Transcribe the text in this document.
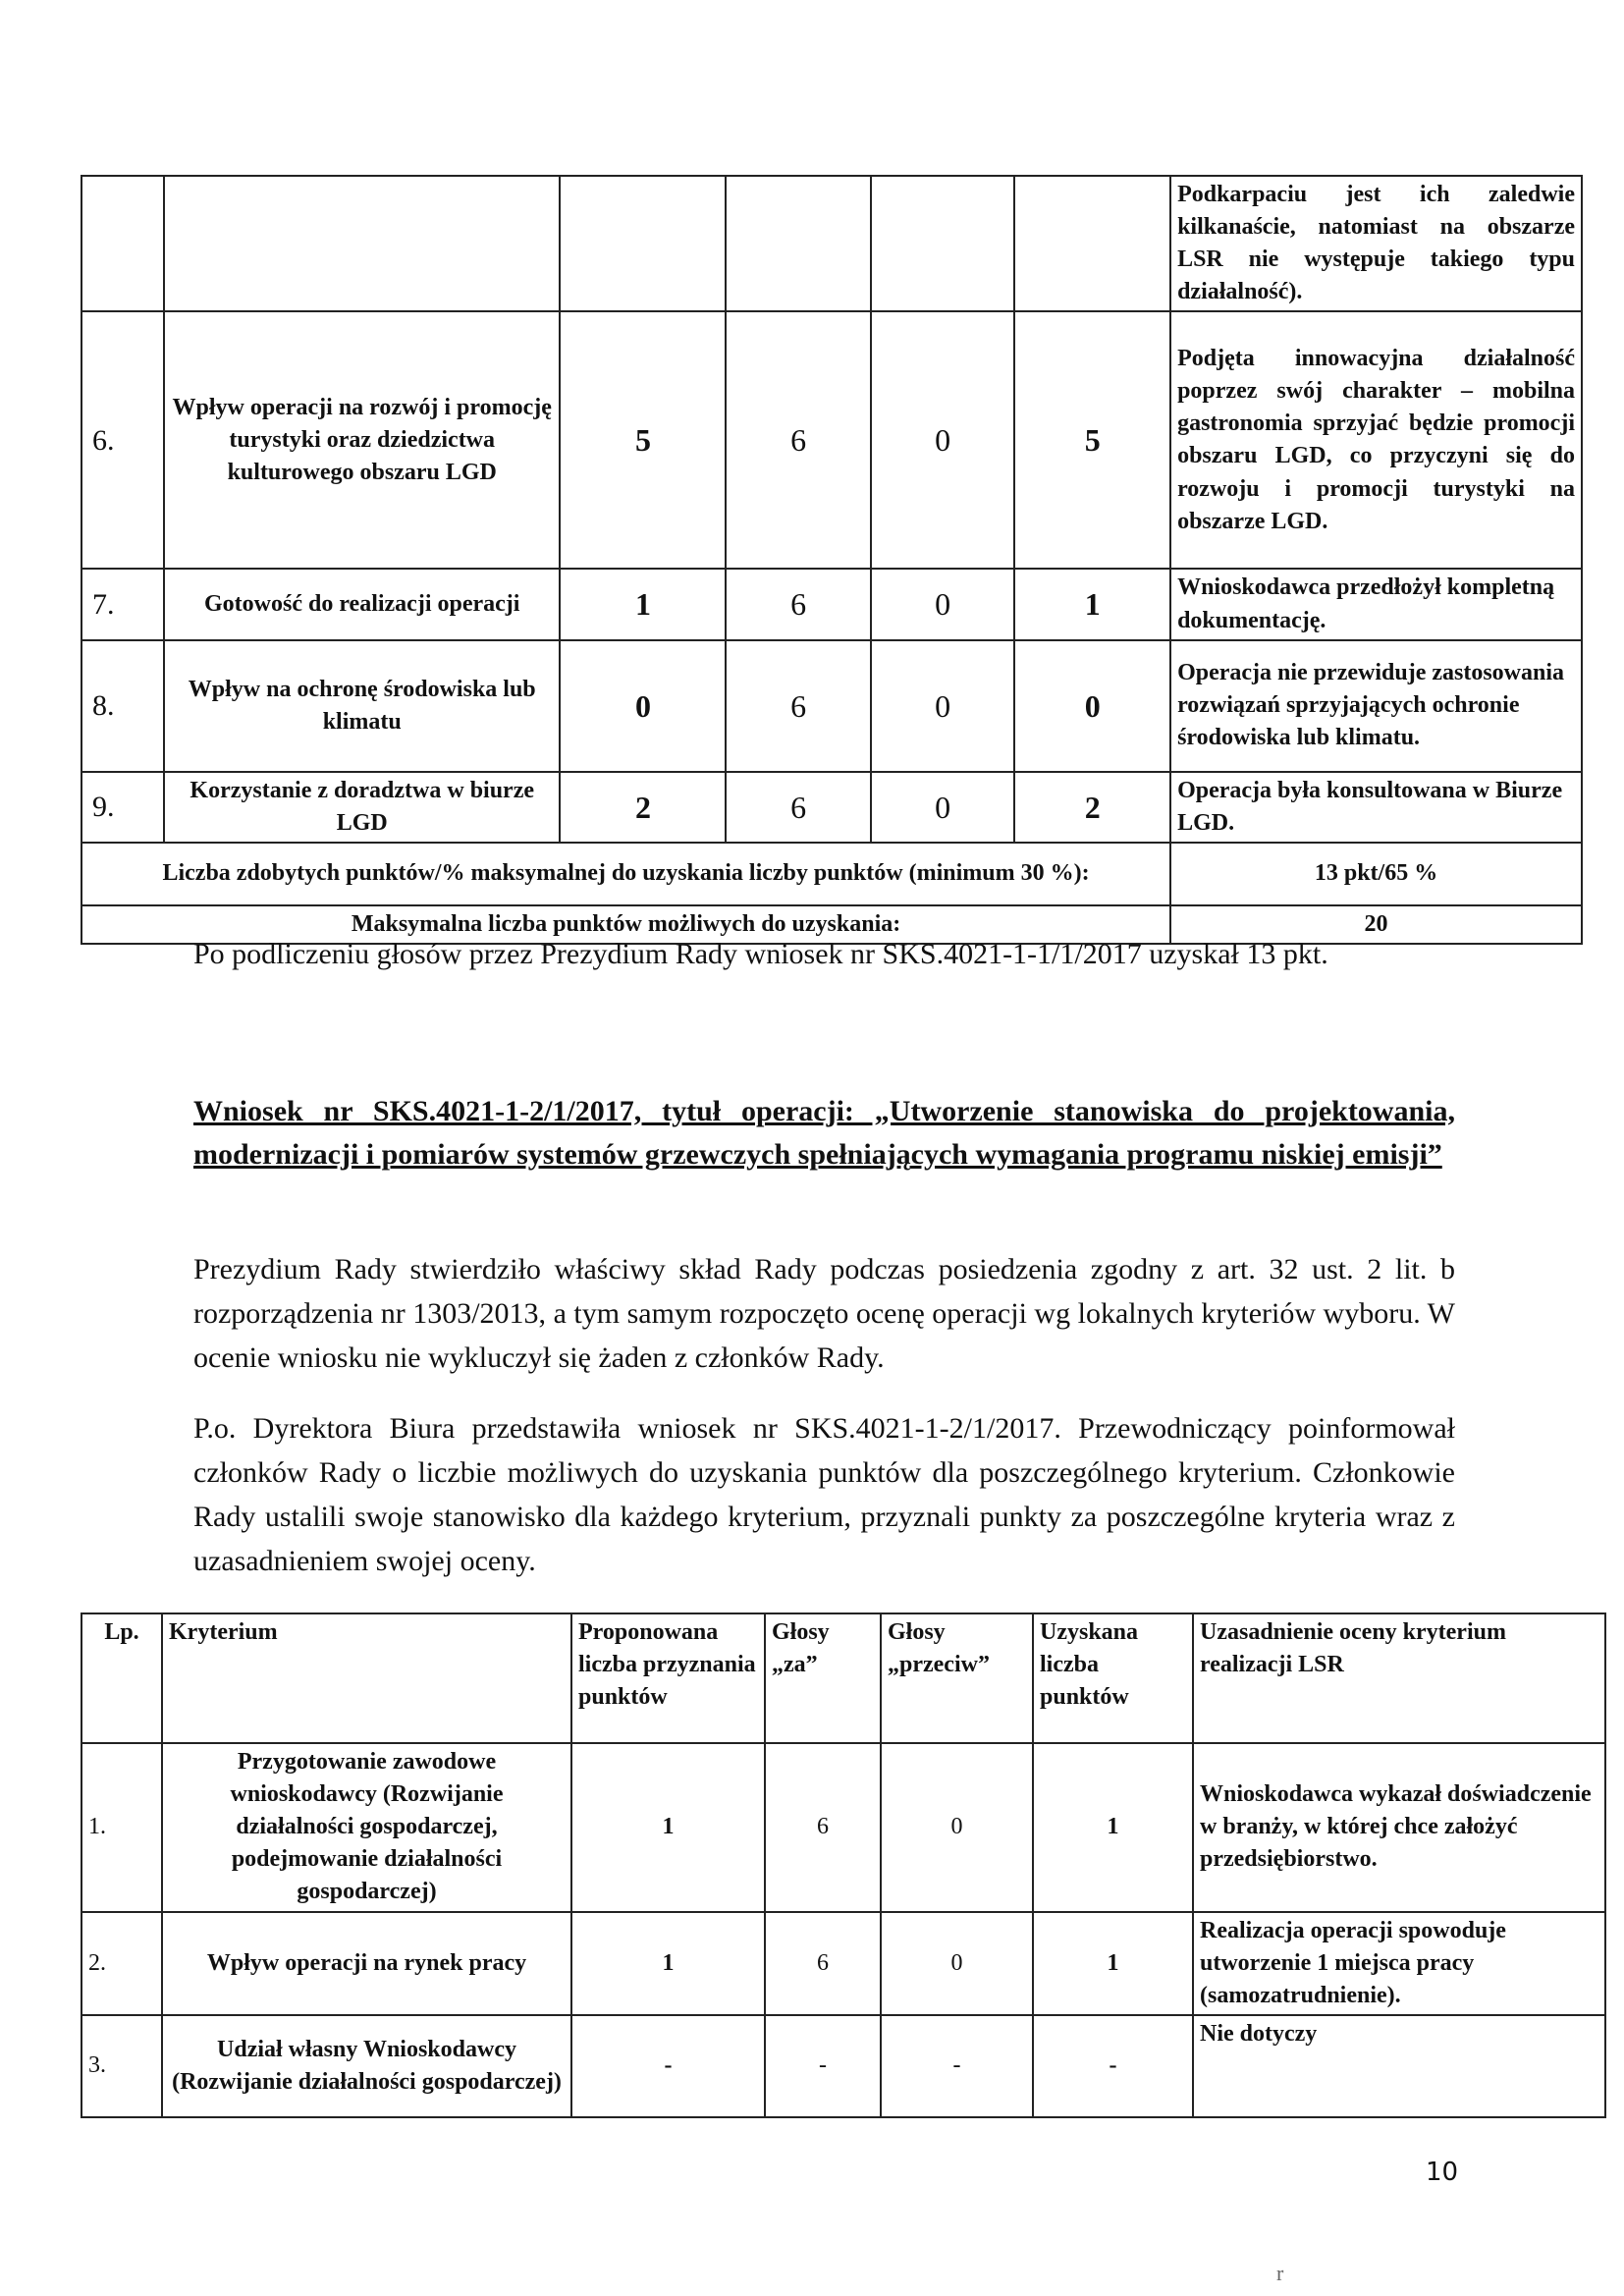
						Podkarpaciu jest ich zaledwie kilkanaście, natomiast na obszarze LSR nie występuje takiego typu działalność).
6.	Wpływ operacji na rozwój i promocję turystyki oraz dziedzictwa kulturowego obszaru LGD	5	6	0	5	Podjęta innowacyjna działalność poprzez swój charakter – mobilna gastronomia sprzyjać będzie promocji obszaru LGD, co przyczyni się do rozwoju i promocji turystyki na obszarze LGD.
7.	Gotowość do realizacji operacji	1	6	0	1	Wnioskodawca przedłożył kompletną dokumentację.
8.	Wpływ na ochronę środowiska lub klimatu	0	6	0	0	Operacja nie przewiduje zastosowania rozwiązań sprzyjających ochronie środowiska lub klimatu.
9.	Korzystanie z doradztwa w biurze LGD	2	6	0	2	Operacja była konsultowana w Biurze LGD.
Liczba zdobytych punktów/% maksymalnej do uzyskania liczby punktów (minimum 30 %):						13 pkt/65 %
Maksymalna liczba punktów możliwych do uzyskania:						20
Po podliczeniu głosów przez Prezydium Rady wniosek nr SKS.4021-1-1/1/2017 uzyskał 13 pkt.
Wniosek nr SKS.4021-1-2/1/2017, tytuł operacji: „Utworzenie stanowiska do projektowania, modernizacji i pomiarów systemów grzewczych spełniających wymagania programu niskiej emisji”
Prezydium Rady stwierdziło właściwy skład Rady podczas posiedzenia zgodny z art. 32 ust. 2 lit. b rozporządzenia nr 1303/2013, a tym samym rozpoczęto ocenę operacji wg lokalnych kryteriów wyboru. W ocenie wniosku nie wykluczył się żaden z członków Rady.
P.o. Dyrektora Biura przedstawiła wniosek nr SKS.4021-1-2/1/2017. Przewodniczący poinformował członków Rady o liczbie możliwych do uzyskania punktów dla poszczególnego kryterium. Członkowie Rady ustalili swoje stanowisko dla każdego kryterium, przyznali punkty za poszczególne kryteria wraz z uzasadnieniem swojej oceny.
Lp.	Kryterium	Proponowana liczba przyznania punktów	Głosy „za”	Głosy „przeciw”	Uzyskana liczba punktów	Uzasadnienie oceny kryterium realizacji LSR
1.	Przygotowanie zawodowe wnioskodawcy (Rozwijanie działalności gospodarczej, podejmowanie działalności gospodarczej)	1	6	0	1	Wnioskodawca wykazał doświadczenie w branży, w której chce założyć przedsiębiorstwo.
2.	Wpływ operacji na rynek pracy	1	6	0	1	Realizacja operacji spowoduje utworzenie 1 miejsca pracy (samozatrudnienie).
3.	Udział własny Wnioskodawcy (Rozwijanie działalności gospodarczej)	-	-	-	-	Nie dotyczy
10
r
